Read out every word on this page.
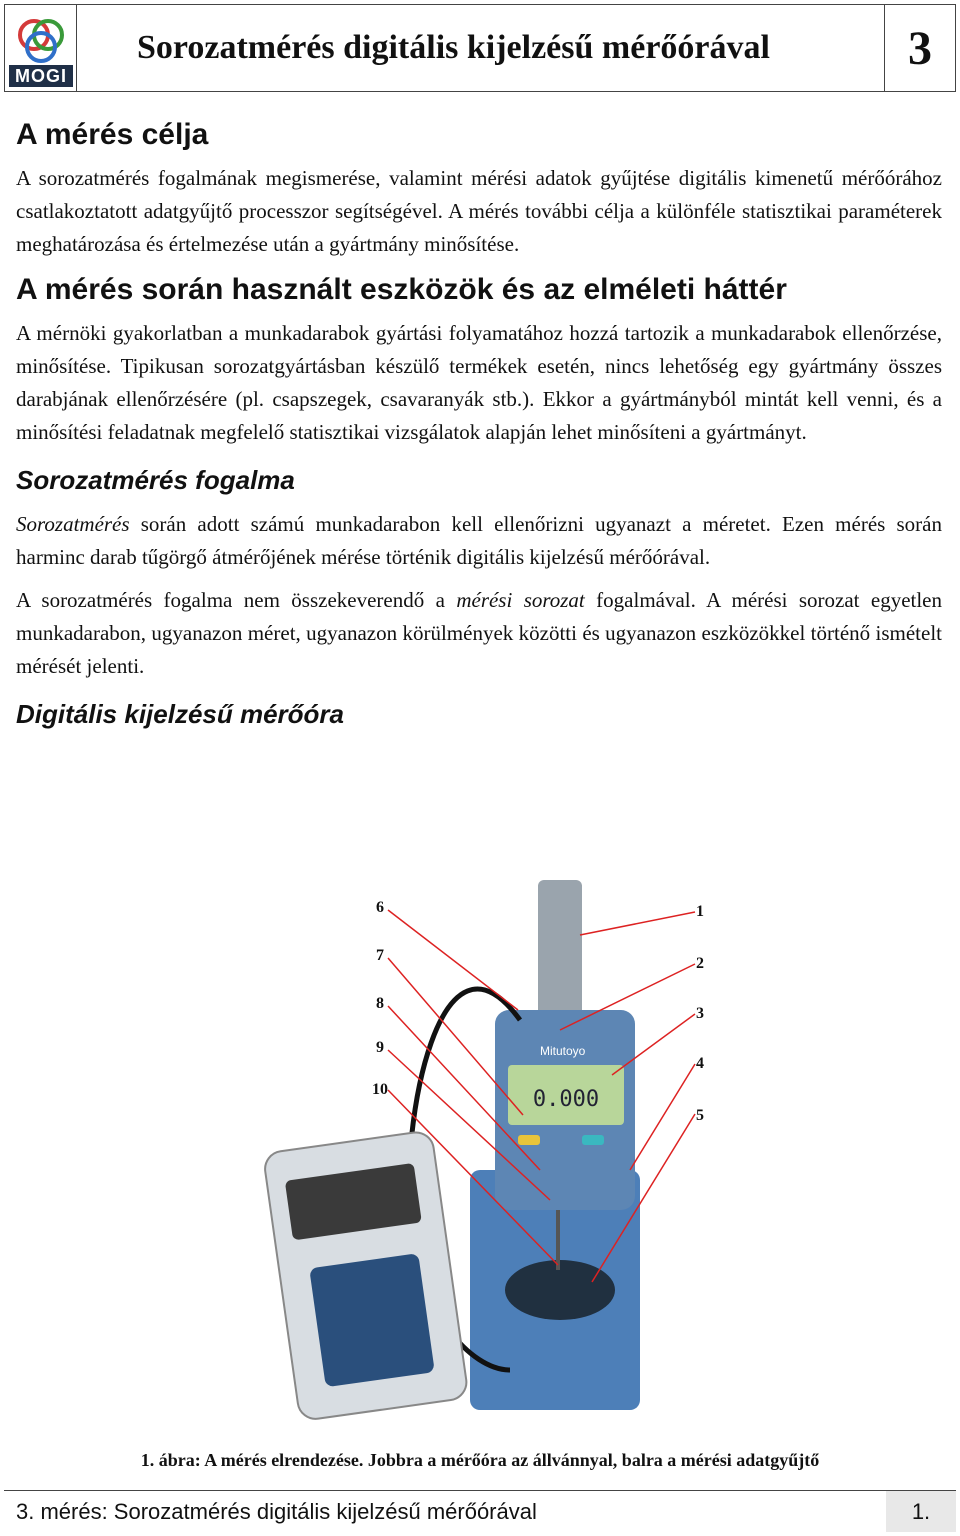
MOGI
Sorozatmérés digitális kijelzésű mérőórával	3
A mérés célja

A sorozatmérés fogalmának megismerése, valamint mérési adatok gyűjtése digitális kimenetű mérőórához csatlakoztatott adatgyűjtő processzor segítségével. A mérés további célja a különféle statisztikai paraméterek meghatározása és értelmezése után a gyártmány minősítése.

A mérés során használt eszközök és az elméleti háttér

A mérnöki gyakorlatban a munkadarabok gyártási folyamatához hozzá tartozik a munkadarabok ellenőrzése, minősítése. Tipikusan sorozatgyártásban készülő termékek esetén, nincs lehetőség egy gyártmány összes darabjának ellenőrzésére (pl. csapszegek, csavaranyák stb.). Ekkor a gyártmányból mintát kell venni, és a minősítési feladatnak megfelelő statisztikai vizsgálatok alapján lehet minősíteni a gyártmányt.

Sorozatmérés fogalma

Sorozatmérés során adott számú munkadarabon kell ellenőrizni ugyanazt a méretet. Ezen mérés során harminc darab tűgörgő átmérőjének mérése történik digitális kijelzésű mérőórával.

A sorozatmérés fogalma nem összekeverendő a mérési sorozat fogalmával. A mérési sorozat egyetlen munkadarabon, ugyanazon méret, ugyanazon körülmények közötti és ugyanazon eszközökkel történő ismételt mérését jelenti.

Digitális kijelzésű mérőóra
0.000
Mitutoyo
6
7
8
9
10
1
2
3
4
5
1. ábra: A mérés elrendezése. Jobbra a mérőóra az állvánnyal, balra a mérési adatgyűjtő
3. mérés: Sorozatmérés digitális kijelzésű mérőórával	1.
